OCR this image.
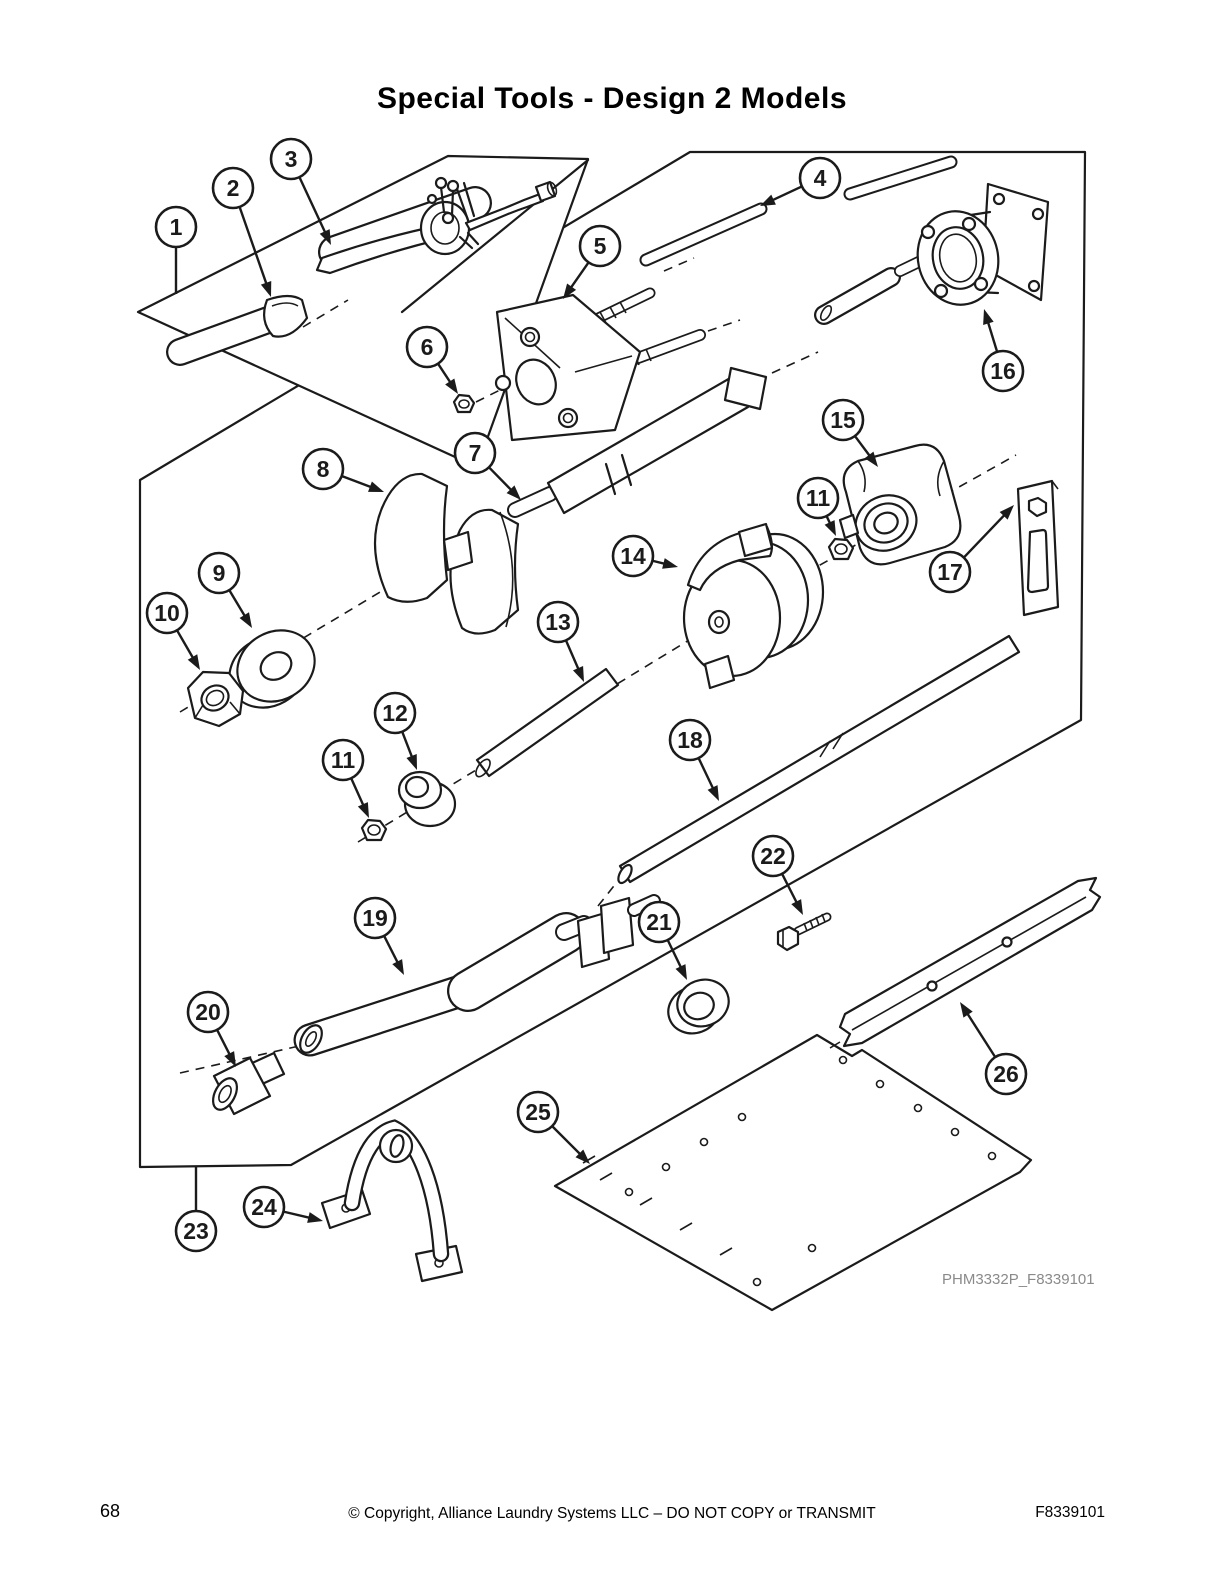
Special Tools - Design 2 Models
1
2
3
4
5
6
7
8
9
10
11
12
13
14
15
11
16
17
18
19
20
21
22
23
24
25
26
PHM3332P_F8339101
68	© Copyright, Alliance Laundry Systems LLC – DO NOT COPY or TRANSMIT	F8339101
